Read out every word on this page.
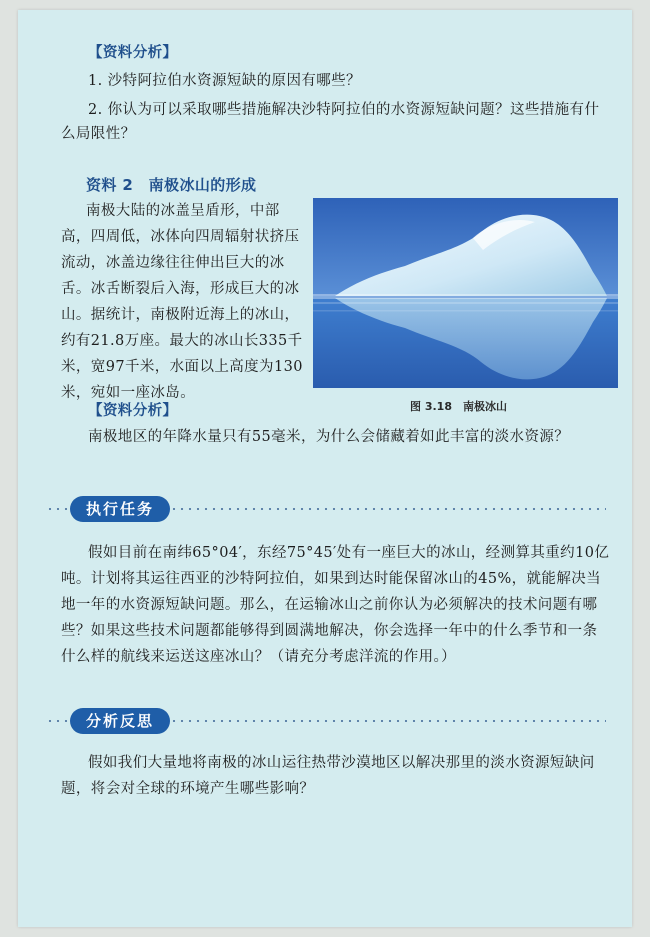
【资料分析】
1. 沙特阿拉伯水资源短缺的原因有哪些？
2. 你认为可以采取哪些措施解决沙特阿拉伯的水资源短缺问题？这些措施有什
么局限性？
资料 2　南极冰山的形成
南极大陆的冰盖呈盾形，中部
高，四周低，冰体向四周辐射状挤压
流动，冰盖边缘往往伸出巨大的冰
舌。冰舌断裂后入海，形成巨大的冰
山。据统计，南极附近海上的冰山，
约有21.8万座。最大的冰山长335千
米，宽97千米，水面以上高度为130
米，宛如一座冰岛。
图 3.18　南极冰山
【资料分析】
南极地区的年降水量只有55毫米，为什么会储藏着如此丰富的淡水资源？
执行任务
假如目前在南纬65°04′，东经75°45′处有一座巨大的冰山，经测算其重约10亿
吨。计划将其运往西亚的沙特阿拉伯，如果到达时能保留冰山的45%，就能解决当
地一年的水资源短缺问题。那么，在运输冰山之前你认为必须解决的技术问题有哪
些？如果这些技术问题都能够得到圆满地解决，你会选择一年中的什么季节和一条
什么样的航线来运送这座冰山？（请充分考虑洋流的作用。）
分析反思
假如我们大量地将南极的冰山运往热带沙漠地区以解决那里的淡水资源短缺问
题，将会对全球的环境产生哪些影响？
